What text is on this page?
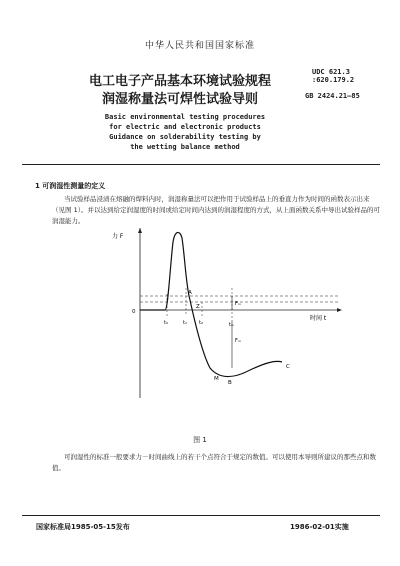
中华人民共和国国家标准
电工电子产品基本环境试验规程
润湿称量法可焊性试验导则
UDC 621.3
:620.179.2
GB 2424.21—85
Basic environmental testing procedures
for electric and electronic products
Guidance on solderability testing by
the wetting balance method
1 可润湿性测量的定义
当试验样品浸渍在熔融的焊料内时，润湿称量法可以把作用于试验样品上的垂直力作为时间的函数表示出来（见图 1）。并以达到给定润湿度的时间或给定时间内达到的润湿程度的方式，从上面函数关系中导出试验样品的可润湿能力。
力 F
时间 t
0
A
Z
B
C
M
t₀	t₁ t₂	tₘ
Fₘ
Fₘ
图 1
可润湿性的标准一般要求力－时间曲线上的若干个点符合于规定的数值。可以使用本导则所建议的那些点和数值。
国家标准局1985-05-15发布	1986-02-01实施
